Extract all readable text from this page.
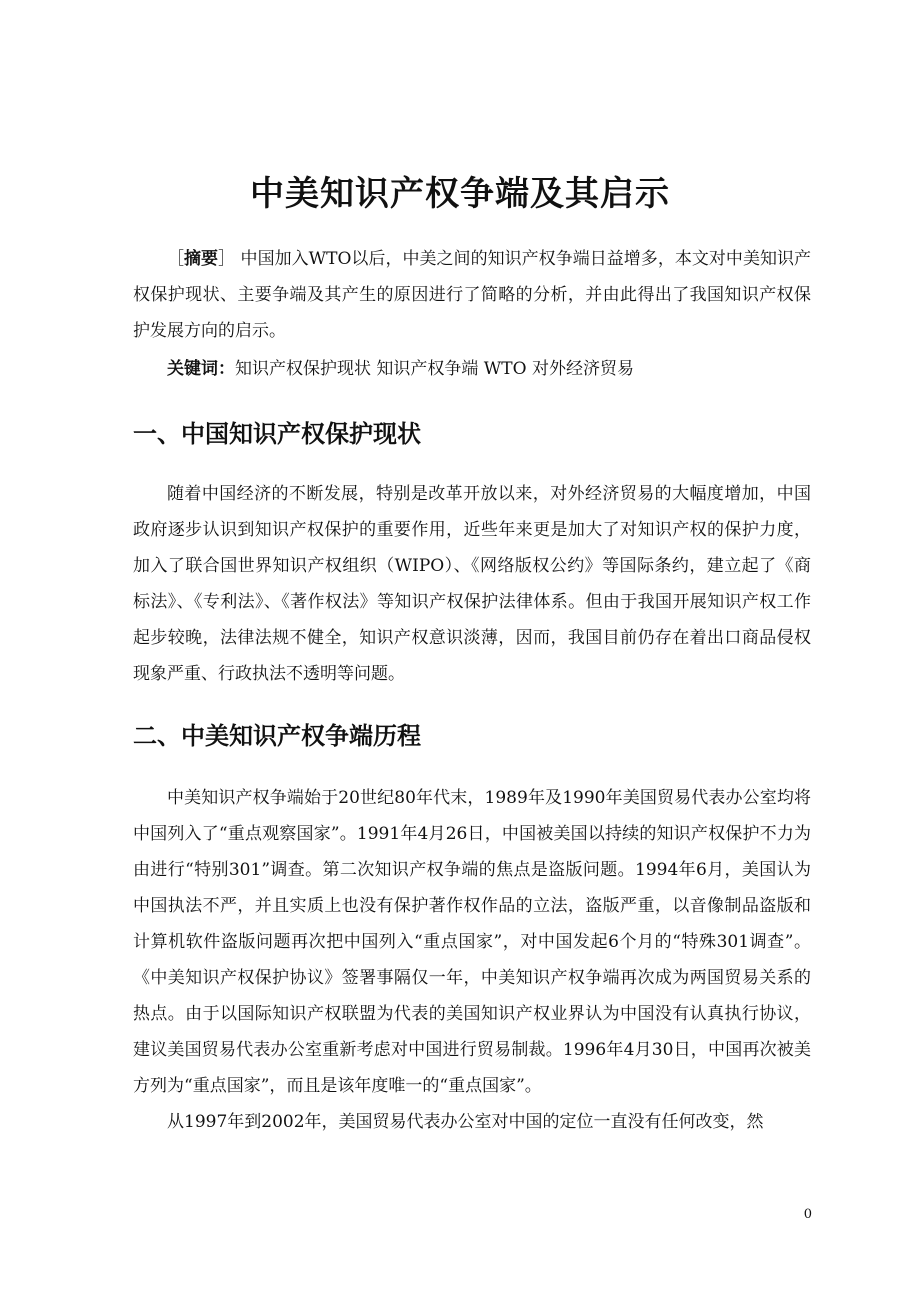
中美知识产权争端及其启示

［摘要］ 中国加入WTO以后，中美之间的知识产权争端日益增多，本文对中美知识产权保护现状、主要争端及其产生的原因进行了简略的分析，并由此得出了我国知识产权保护发展方向的启示。

关键词：知识产权保护现状 知识产权争端 WTO 对外经济贸易
一、中国知识产权保护现状

随着中国经济的不断发展，特别是改革开放以来，对外经济贸易的大幅度增加，中国政府逐步认识到知识产权保护的重要作用，近些年来更是加大了对知识产权的保护力度，加入了联合国世界知识产权组织（WIPO）、《网络版权公约》等国际条约，建立起了《商标法》、《专利法》、《著作权法》等知识产权保护法律体系。但由于我国开展知识产权工作起步较晚，法律法规不健全，知识产权意识淡薄，因而，我国目前仍存在着出口商品侵权现象严重、行政执法不透明等问题。

二、中美知识产权争端历程

中美知识产权争端始于20世纪80年代末，1989年及1990年美国贸易代表办公室均将中国列入了“重点观察国家”。1991年4月26日，中国被美国以持续的知识产权保护不力为由进行“特别301”调查。第二次知识产权争端的焦点是盗版问题。1994年6月，美国认为中国执法不严，并且实质上也没有保护著作权作品的立法，盗版严重，以音像制品盗版和计算机软件盗版问题再次把中国列入“重点国家”，对中国发起6个月的“特殊301调查”。《中美知识产权保护协议》签署事隔仅一年，中美知识产权争端再次成为两国贸易关系的热点。由于以国际知识产权联盟为代表的美国知识产权业界认为中国没有认真执行协议，建议美国贸易代表办公室重新考虑对中国进行贸易制裁。1996年4月30日，中国再次被美方列为“重点国家”，而且是该年度唯一的“重点国家”。

从1997年到2002年，美国贸易代表办公室对中国的定位一直没有任何改变，然

0
